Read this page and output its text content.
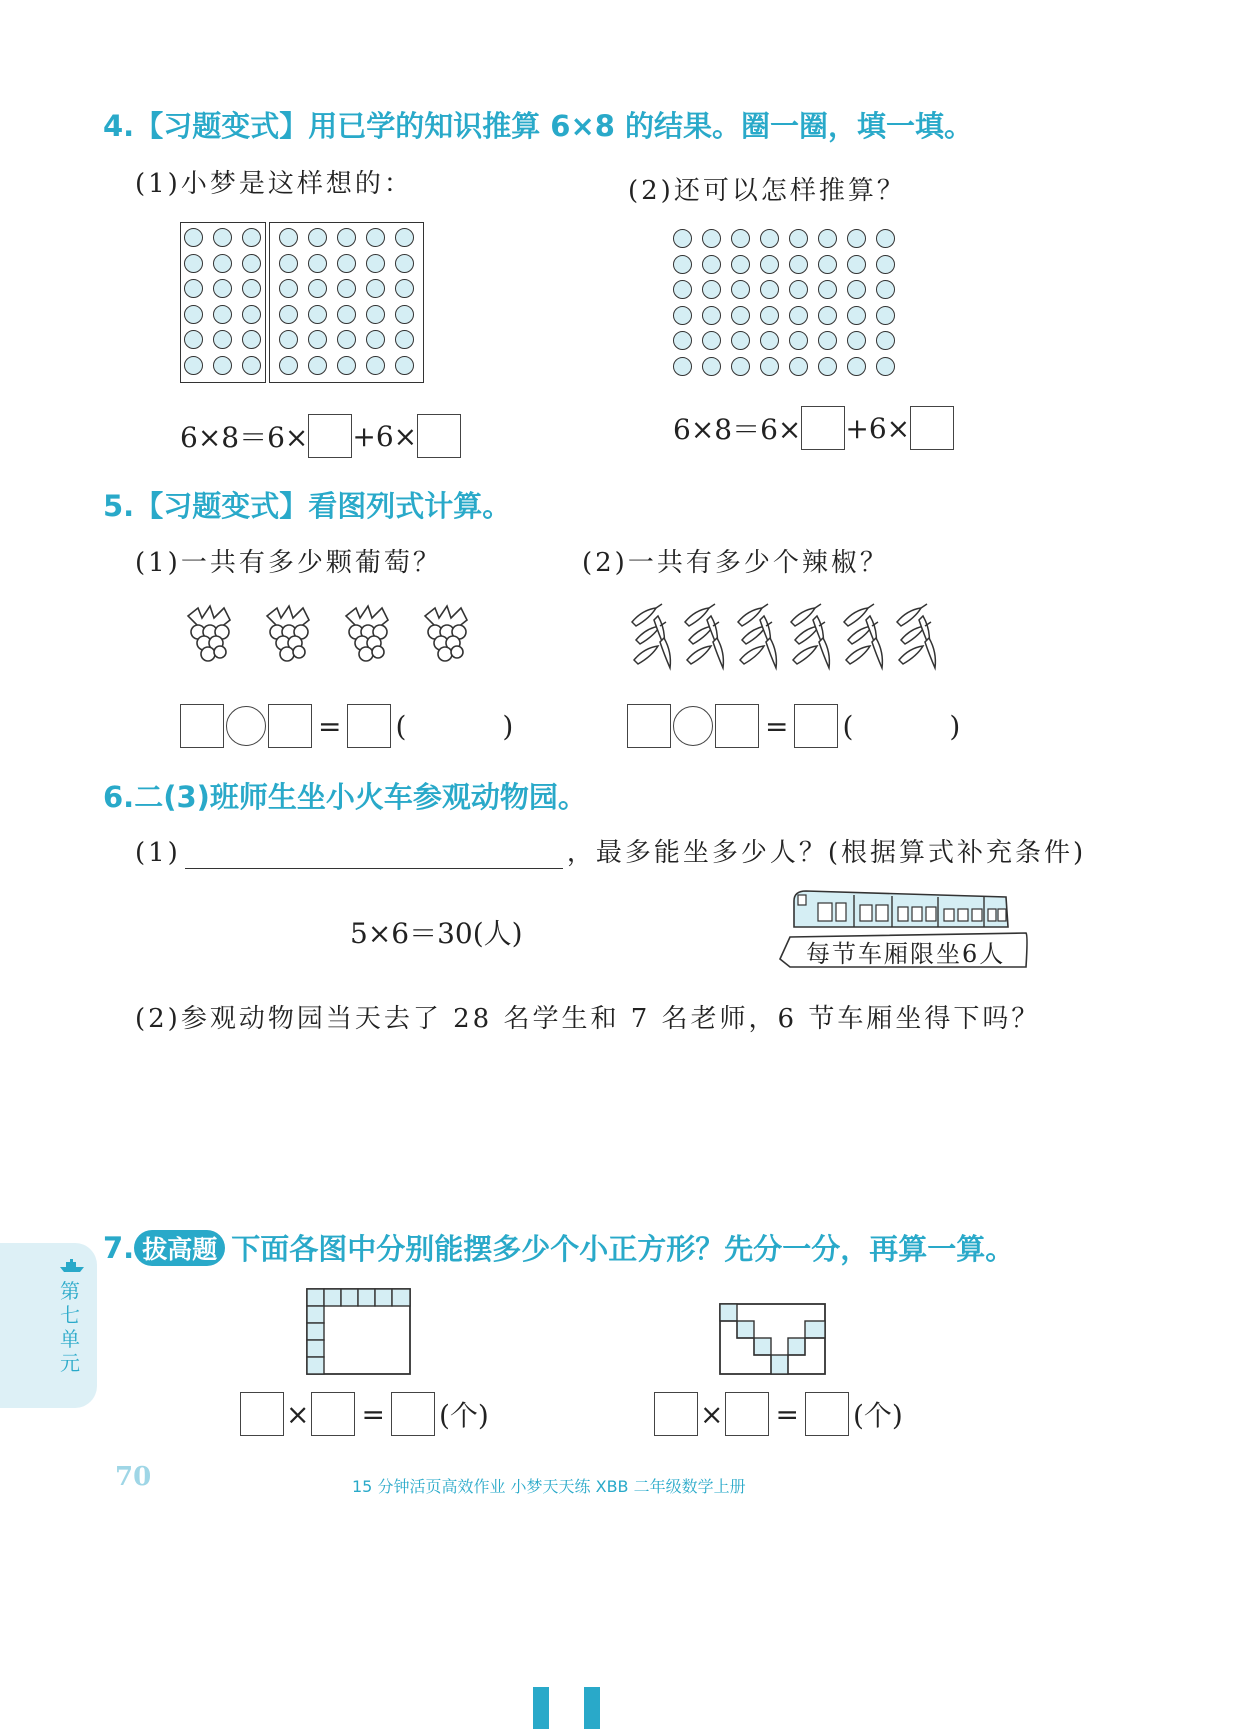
4.【习题变式】用已学的知识推算 6×8 的结果。圈一圈，填一填。
(1)小梦是这样想的：	(2)还可以怎样推算？
6×8＝6× +6×	6×8＝6× +6×
5.【习题变式】看图列式计算。
(1)一共有多少颗葡萄？	(2)一共有多少个辣椒？
= (	)	= (	)
6.二(3)班师生坐小火车参观动物园。
(1)	，最多能坐多少人？(根据算式补充条件)
5×6＝30(人)
每节车厢限坐6人
(2)参观动物园当天去了 28 名学生和 7 名老师，6 节车厢坐得下吗？
第
七
单
元
7. 拔高题 下面各图中分别能摆多少个小正方形？先分一分，再算一算。
× = (个)	× = (个)
70	15 分钟活页高效作业 小梦天天练 XBB 二年级数学上册
